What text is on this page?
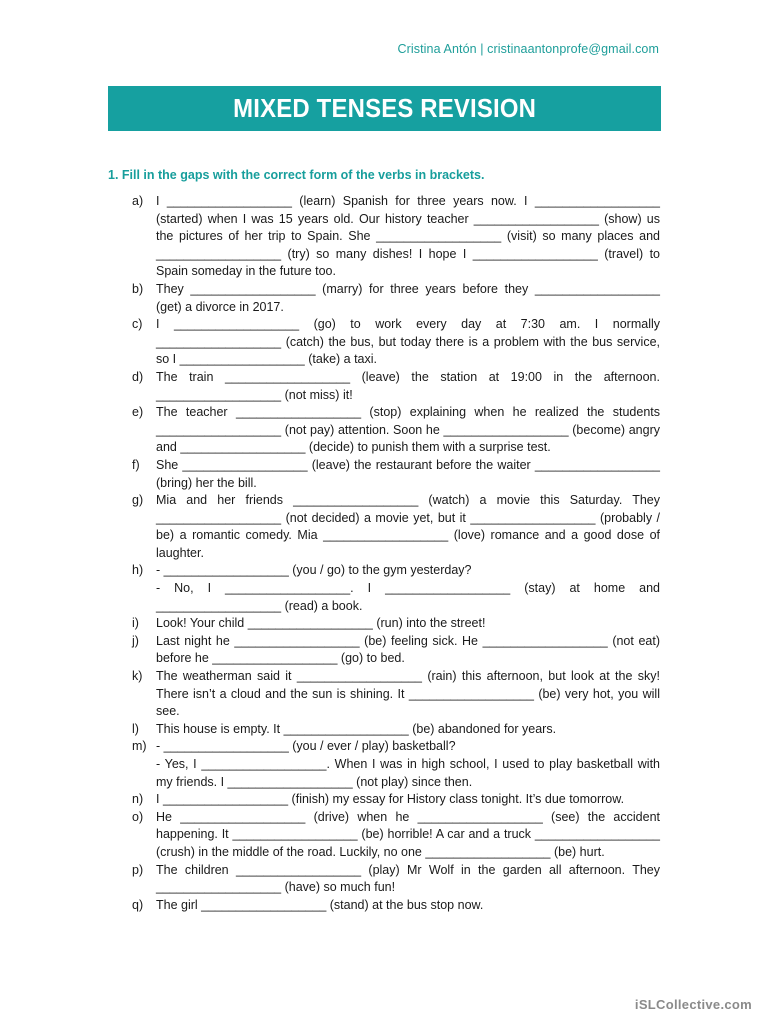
Cristina Antón | cristinaantonprofe@gmail.com
MIXED TENSES REVISION
1. Fill in the gaps with the correct form of the verbs in brackets.
a)	I __________________ (learn) Spanish for three years now. I __________________ (started) when I was 15 years old. Our history teacher __________________ (show) us the pictures of her trip to Spain. She __________________ (visit) so many places and __________________ (try) so many dishes! I hope I __________________ (travel) to Spain someday in the future too.
b)	They __________________ (marry) for three years before they __________________ (get) a divorce in 2017.
c)	I __________________ (go) to work every day at 7:30 am. I normally __________________ (catch) the bus, but today there is a problem with the bus service, so I __________________ (take) a taxi.
d)	The train __________________ (leave) the station at 19:00 in the afternoon. __________________ (not miss) it!
e)	The teacher __________________ (stop) explaining when he realized the students __________________ (not pay) attention. Soon he __________________ (become) angry and __________________ (decide) to punish them with a surprise test.
f)	She __________________ (leave) the restaurant before the waiter __________________ (bring) her the bill.
g)	Mia and her friends __________________ (watch) a movie this Saturday. They __________________ (not decided) a movie yet, but it __________________ (probably / be) a romantic comedy. Mia __________________ (love) romance and a good dose of laughter.
h)	- __________________ (you / go) to the gym yesterday?
- No, I __________________. I __________________ (stay) at home and __________________ (read) a book.
i)	Look! Your child __________________ (run) into the street!
j)	Last night he __________________ (be) feeling sick. He __________________ (not eat) before he __________________ (go) to bed.
k)	The weatherman said it __________________ (rain) this afternoon, but look at the sky! There isn’t a cloud and the sun is shining. It __________________ (be) very hot, you will see.
l)	This house is empty. It __________________ (be) abandoned for years.
m) - __________________ (you / ever / play) basketball?
- Yes, I __________________. When I was in high school, I used to play basketball with my friends. I __________________ (not play) since then.
n)	I __________________ (finish) my essay for History class tonight. It’s due tomorrow.
o)	He __________________ (drive) when he __________________ (see) the accident happening. It __________________ (be) horrible! A car and a truck __________________ (crush) in the middle of the road. Luckily, no one __________________ (be) hurt.
p)	The children __________________ (play) Mr Wolf in the garden all afternoon. They __________________ (have) so much fun!
q)	The girl __________________ (stand) at the bus stop now.
iSLCollective.com
